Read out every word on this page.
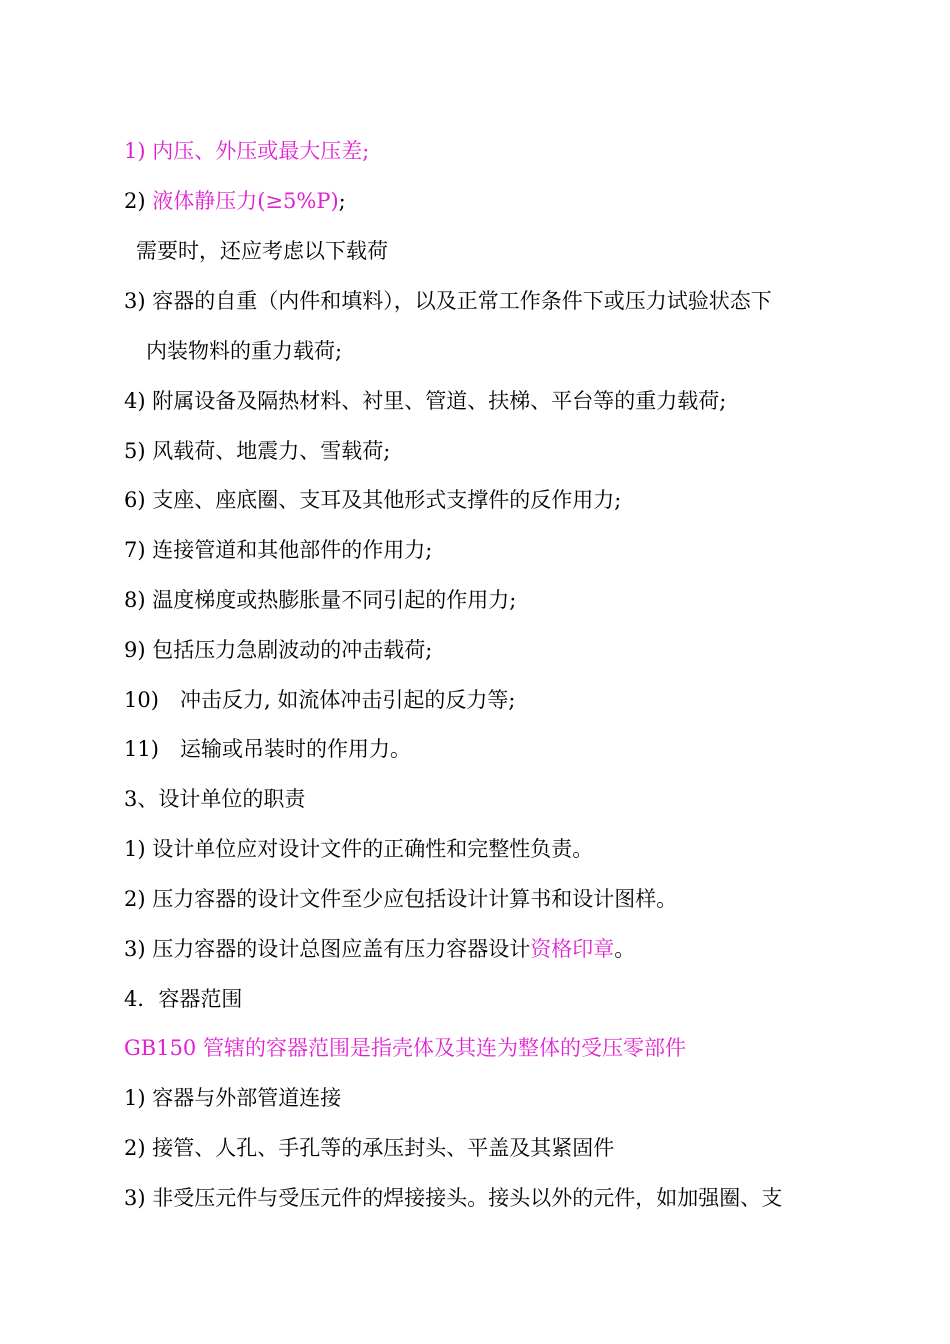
1) 内压、外压或最大压差;
2) 液体静压力(≥5%P);
需要时，还应考虑以下载荷
3) 容器的自重（内件和填料），以及正常工作条件下或压力试验状态下
内装物料的重力载荷;
4) 附属设备及隔热材料、衬里、管道、扶梯、平台等的重力载荷;
5) 风载荷、地震力、雪载荷;
6) 支座、座底圈、支耳及其他形式支撑件的反作用力;
7) 连接管道和其他部件的作用力;
8) 温度梯度或热膨胀量不同引起的作用力;
9) 包括压力急剧波动的冲击载荷;
10) 冲击反力, 如流体冲击引起的反力等;
11) 运输或吊装时的作用力。
3、设计单位的职责
1) 设计单位应对设计文件的正确性和完整性负责。
2) 压力容器的设计文件至少应包括设计计算书和设计图样。
3) 压力容器的设计总图应盖有压力容器设计资格印章。
4．容器范围
GB150 管辖的容器范围是指壳体及其连为整体的受压零部件
1) 容器与外部管道连接
2) 接管、人孔、手孔等的承压封头、平盖及其紧固件
3) 非受压元件与受压元件的焊接接头。接头以外的元件，如加强圈、支
